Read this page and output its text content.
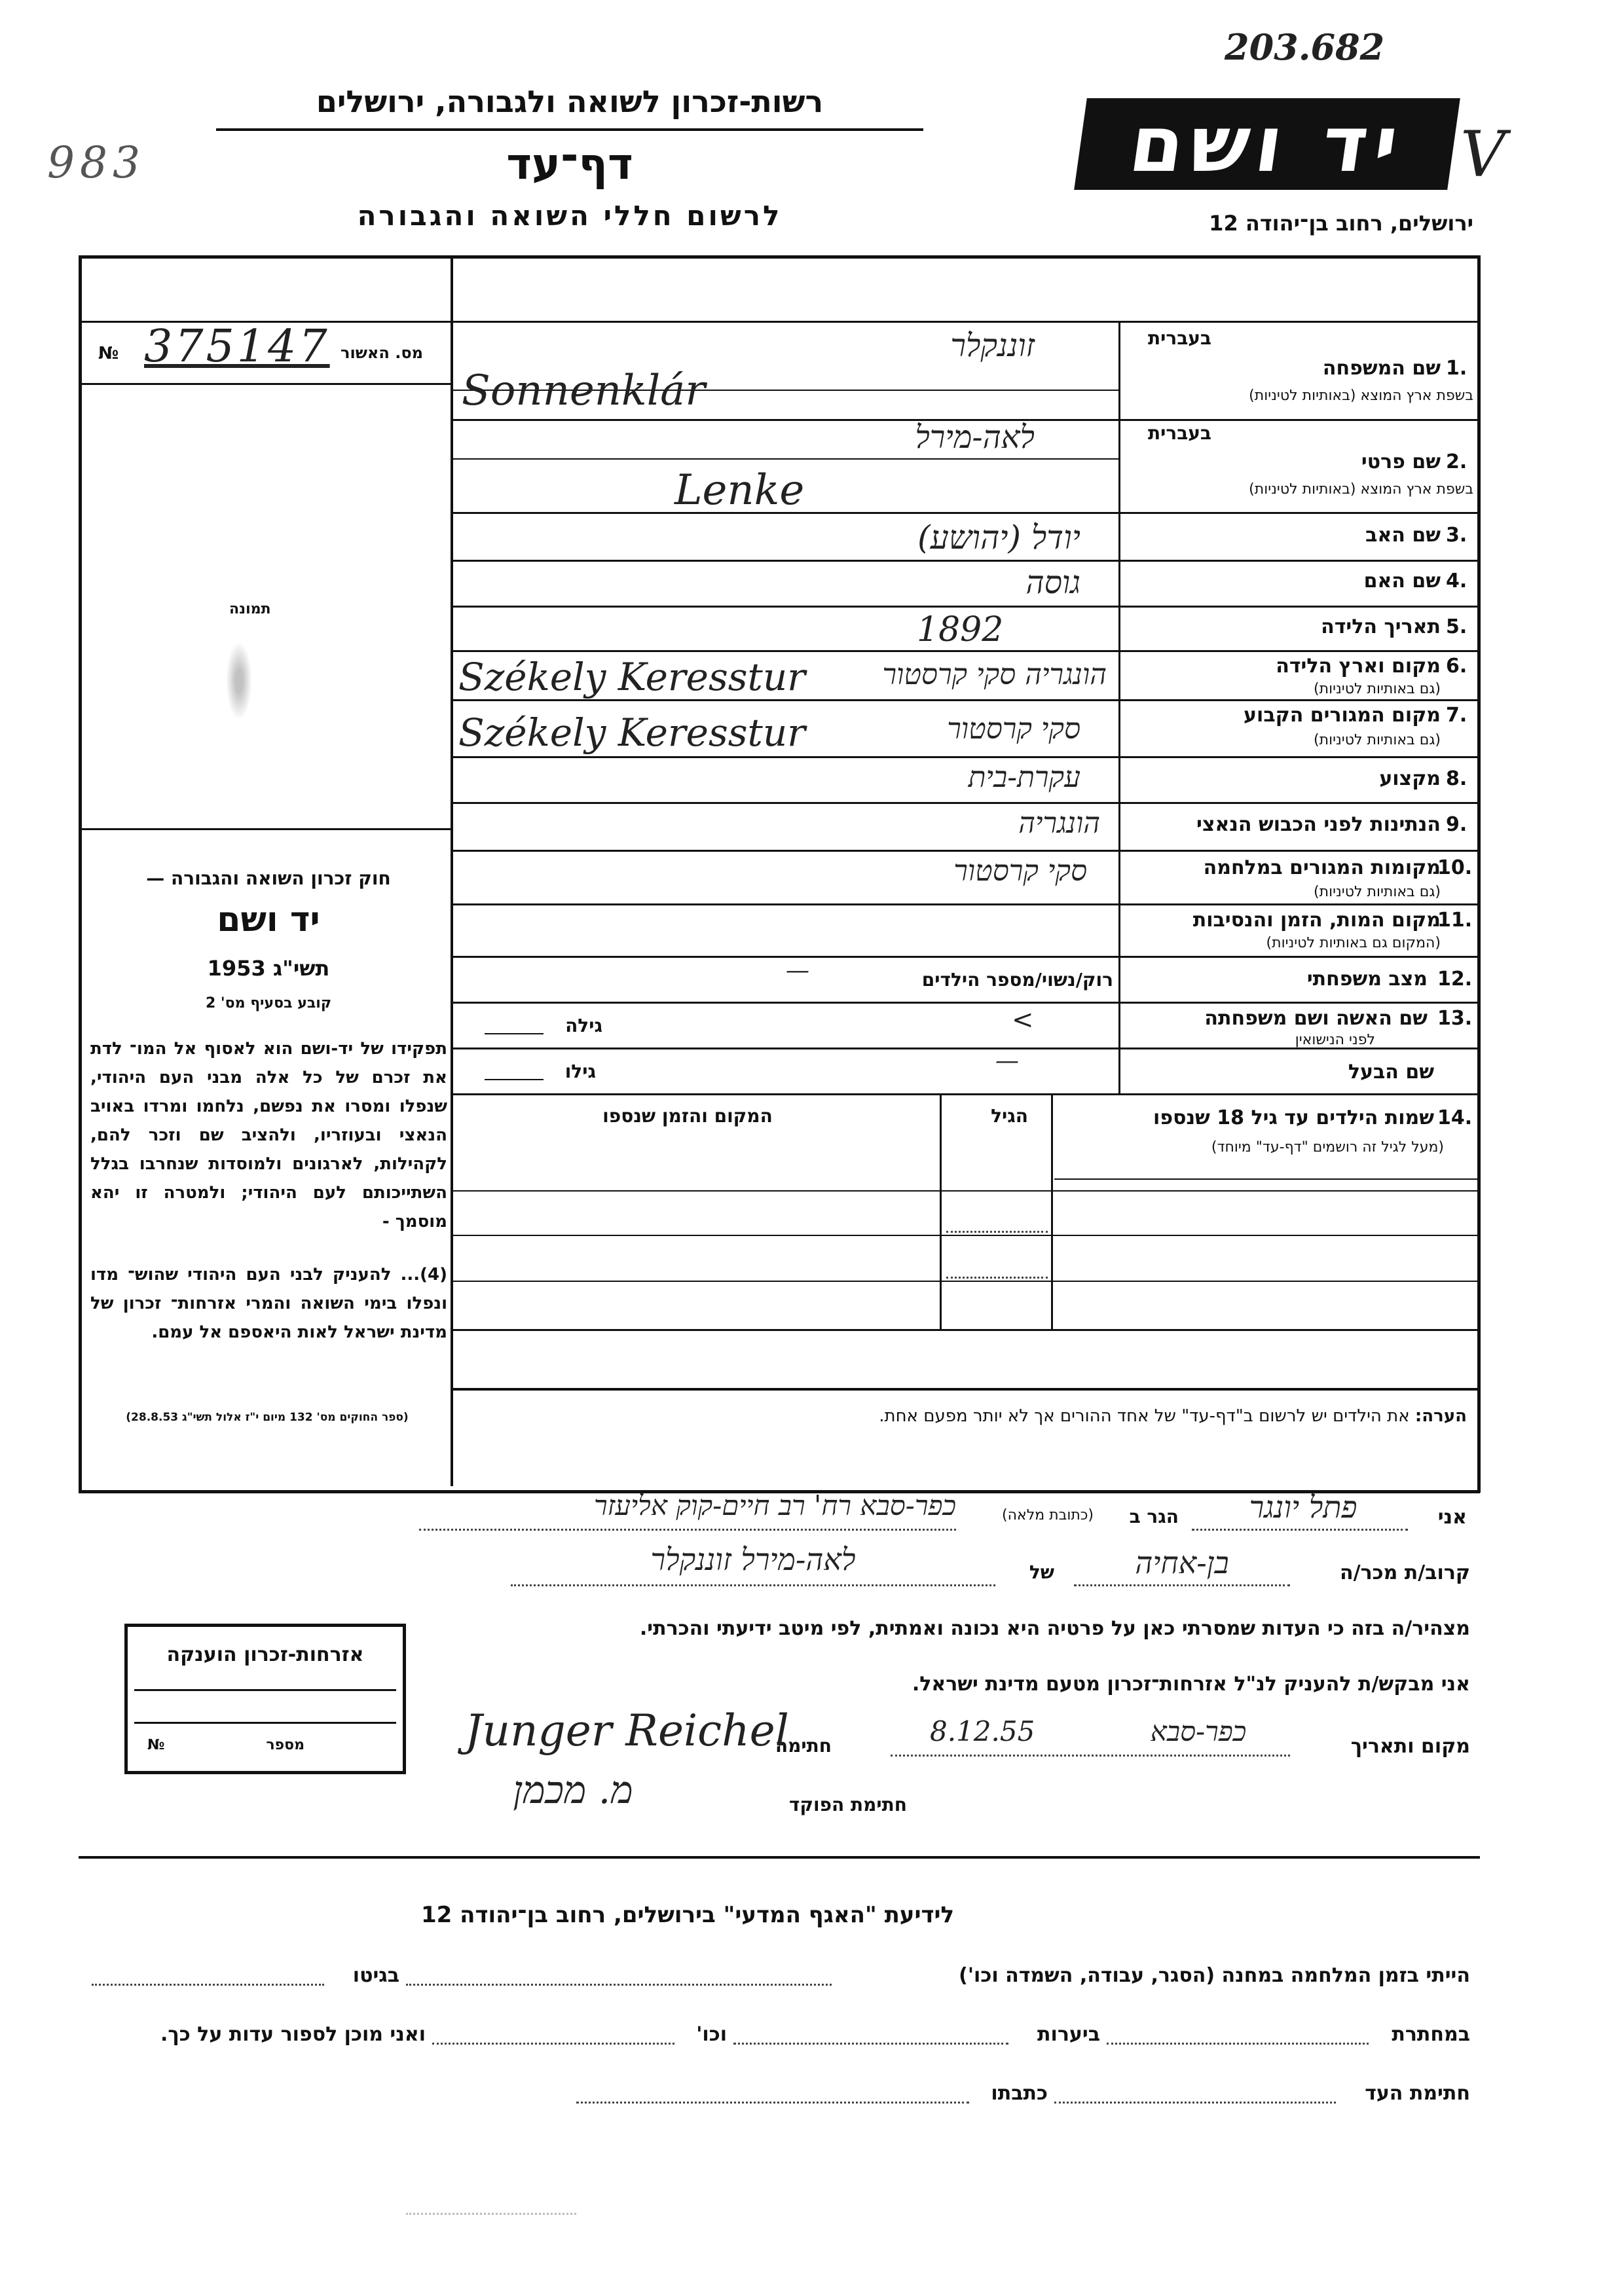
203.682
983	V
רשות-זכרון לשואה ולגבורה, ירושלים
דף־עד
לרשום חללי השואה והגבורה
יד ושם
ירושלים, רחוב בן־יהודה 12
מס. האשור
375147
№
תמונה
חוק זכרון השואה והגבורה —
יד ושם
תשי"ג 1953
קובע בסעיף מס' 2
תפקידו של יד-ושם הוא לאסוף אל המו־ לדת את זכרם של כל אלה מבני העם היהודי, שנפלו ומסרו את נפשם, נלחמו ומרדו באויב הנאצי ובעוזריו, ולהציב שם וזכר להם, לקהילות, לארגונים ולמוסדות שנחרבו בגלל השתייכותם לעם היהודי; ולמטרה זו יהא מוסמך -
(4)... להעניק לבני העם היהודי שהוש־ מדו ונפלו בימי השואה והמרי אזרחות־ זכרון של מדינת ישראל לאות היאספם אל עמם.
(ספר החוקים מס' 132 מיום י"ז אלול תשי"ג 28.8.53)
בעברית
שם המשפחה 1.
בשפת ארץ המוצא (באותיות לטיניות)
זוננקלר
Sonnenklár
בעברית
שם פרטי 2.
בשפת ארץ המוצא (באותיות לטיניות)
לאה-מירל
Lenke
שם האב 3.
יודל (יהושע)
שם האם 4.
גוסה
תאריך הלידה 5.
1892
מקום וארץ הלידה 6.
(גם באותיות לטיניות)
הונגריה סקי קרסטור
Székely Keresstur
מקום המגורים הקבוע 7.
(גם באותיות לטיניות)
סקי קרסטור
Székely Keresstur
מקצוע 8.
עקרת-בית
הנתינות לפני הכבוש הנאצי 9.
הונגריה
מקומות המגורים במלחמה
10.
(גם באותיות לטיניות)
סקי קרסטור
מקום המות, הזמן והנסיבות
11.
(המקום גם באותיות לטיניות)
מצב משפחתי 12.
רוק/נשוי/מספר הילדים
—
שם האשה ושם משפחתה 13.
לפני הנישואין
<
גילה
שם הבעל
—
גילו
14.
שמות הילדים עד גיל 18 שנספו
(מעל לגיל זה רושמים "דף-עד" מיוחד)
הגיל
המקום והזמן שנספו
הערה: את הילדים יש לרשום ב"דף-עד" של אחד ההורים אך לא יותר מפעם אחת.
אני
פתל יונגר
הגר ב
(כתובת מלאה)
כפר-סבא רח' רב חיים-קוק אליעזר
קרוב/ת מכר/ה
בן-אחיה
של
לאה-מירל זוננקלר
מצהיר/ה בזה כי העדות שמסרתי כאן על פרטיה היא נכונה ואמתית, לפי מיטב ידיעתי והכרתי.
אני מבקש/ת להעניק לנ"ל אזרחות־זכרון מטעם מדינת ישראל.
מקום ותאריך
כפר-סבא
8.12.55
חתימה
Junger Reichel
חתימת הפוקד
מ. מכמן
אזרחות-זכרון הוענקה
מספר
№
לידיעת "האגף המדעי" בירושלים, רחוב בן־יהודה 12
הייתי בזמן המלחמה במחנה (הסגר, עבודה, השמדה וכו')
בגיטו
במחתרת
ביערות
וכו'
ואני מוכן לספור עדות על כך.
חתימת העד
כתבתו
